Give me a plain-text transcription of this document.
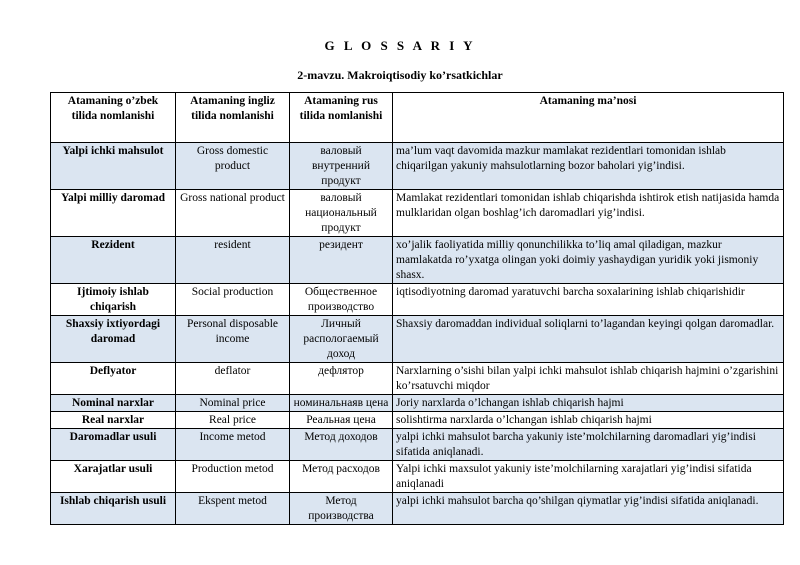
G L O S S A R I Y
2-mavzu. Makroiqtisodiy ko’rsatkichlar
Atamaning o’zbek tilida nomlanishi	Atamaning ingliz tilida nomlanishi	Atamaning rus tilida nomlanishi	Atamaning ma’nosi
Yalpi ichki mahsulot	Gross domestic product	валовый внутренний продукт	ma’lum vaqt davomida mazkur mamlakat rezidentlari tomonidan ishlab chiqarilgan yakuniy mahsulotlarning bozor baholari yig’indisi.
Yalpi milliy daromad	Gross national product	валовый национальный продукт	Mamlakat rezidentlari tomonidan ishlab chiqarishda ishtirok etish natijasida hamda mulklaridan olgan boshlag’ich daromadlari yig’indisi.
Rezident	resident	резидент	xo’jalik faoliyatida milliy qonunchilikka to’liq amal qiladigan, mazkur mamlakatda ro’yxatga olingan yoki doimiy yashaydigan yuridik yoki jismoniy shasx.
Ijtimoiy ishlab chiqarish	Social production	Общественное производство	iqtisodiyotning daromad yaratuvchi barcha soxalarining ishlab chiqarishidir
Shaxsiy ixtiyordagi daromad	Personal disposable income	Личный распологаемый доход	Shaxsiy daromaddan individual soliqlarni to’lagandan keyingi qolgan daromadlar.
Deflyator	deflator	дефлятор	Narxlarning o’sishi bilan yalpi ichki mahsulot ishlab chiqarish hajmini o’zgarishini ko’rsatuvchi miqdor
Nominal narxlar	Nominal price	номинальнаяв цена	Joriy narxlarda o’lchangan ishlab chiqarish hajmi
Real narxlar	Real price	Реальная цена	solishtirma narxlarda o’lchangan ishlab chiqarish hajmi
Daromadlar usuli	Income metod	Метод доходов	yalpi ichki mahsulot barcha yakuniy iste’molchilarning daromadlari yig’indisi sifatida aniqlanadi.
Xarajatlar usuli	Production metod	Метод расходов	Yalpi ichki maxsulot yakuniy iste’molchilarning xarajatlari yig’indisi sifatida aniqlanadi
Ishlab chiqarish usuli	Ekspent metod	Метод производства	yalpi ichki mahsulot barcha qo’shilgan qiymatlar yig’indisi sifatida aniqlanadi.
